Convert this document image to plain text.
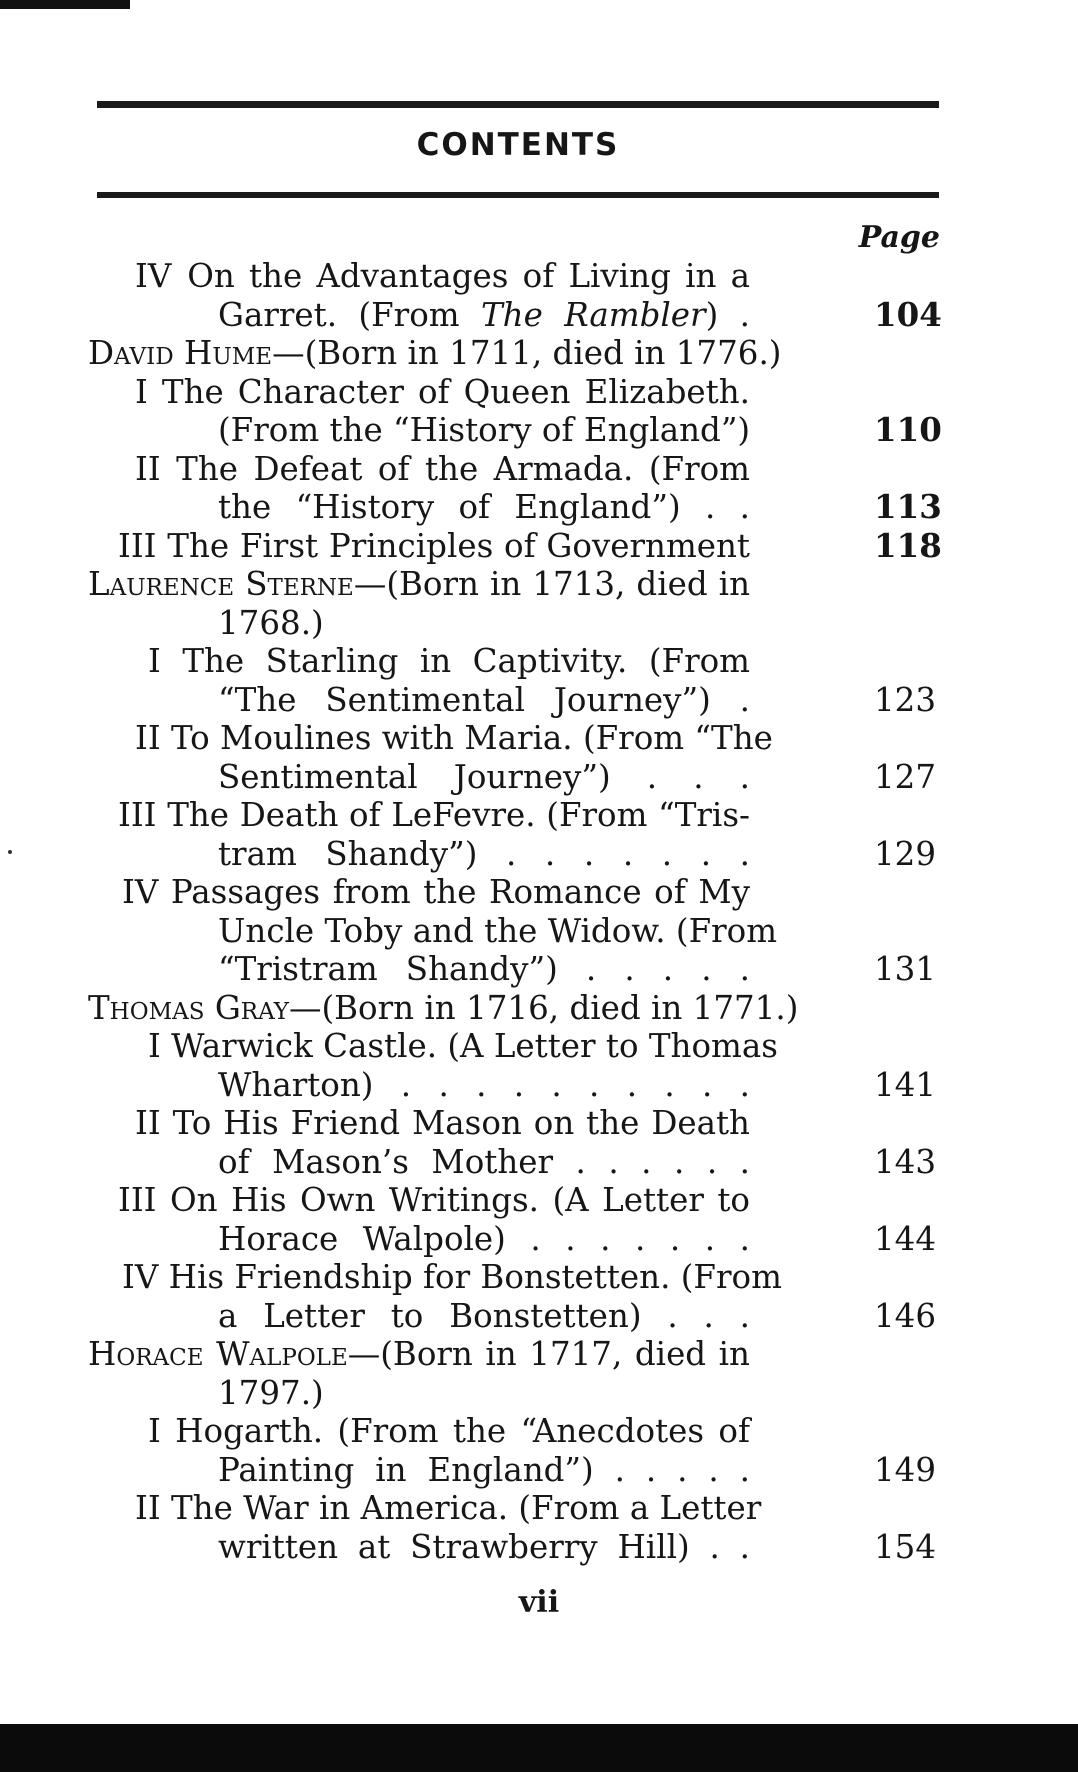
CONTENTS
Page
IV On the Advantages of Living in a
Garret. (From The Rambler) .	104
David Hume—(Born in 1711, died in 1776.)
I The Character of Queen Elizabeth.
(From the “History of England”)	110
II The Defeat of the Armada. (From
the “History of England”) . .	113
III The First Principles of Government	118
Laurence Sterne—(Born in 1713, died in
1768.)
I The Starling in Captivity. (From
“The Sentimental Journey”) .	123
II To Moulines with Maria. (From “The
Sentimental Journey”) . . .	127
III The Death of LeFevre. (From “Tris-
tram Shandy”) . . . . . . .	129
IV Passages from the Romance of My
Uncle Toby and the Widow. (From
“Tristram Shandy”) . . . . .	131
Thomas Gray—(Born in 1716, died in 1771.)
I Warwick Castle. (A Letter to Thomas
Wharton) . . . . . . . . . .	141
II To His Friend Mason on the Death
of Mason’s Mother . . . . . .	143
III On His Own Writings. (A Letter to
Horace Walpole) . . . . . . .	144
IV His Friendship for Bonstetten. (From
a Letter to Bonstetten) . . .	146
Horace Walpole—(Born in 1717, died in
1797.)
I Hogarth. (From the “Anecdotes of
Painting in England”) . . . . .	149
II The War in America. (From a Letter
written at Strawberry Hill) . .	154
vii
